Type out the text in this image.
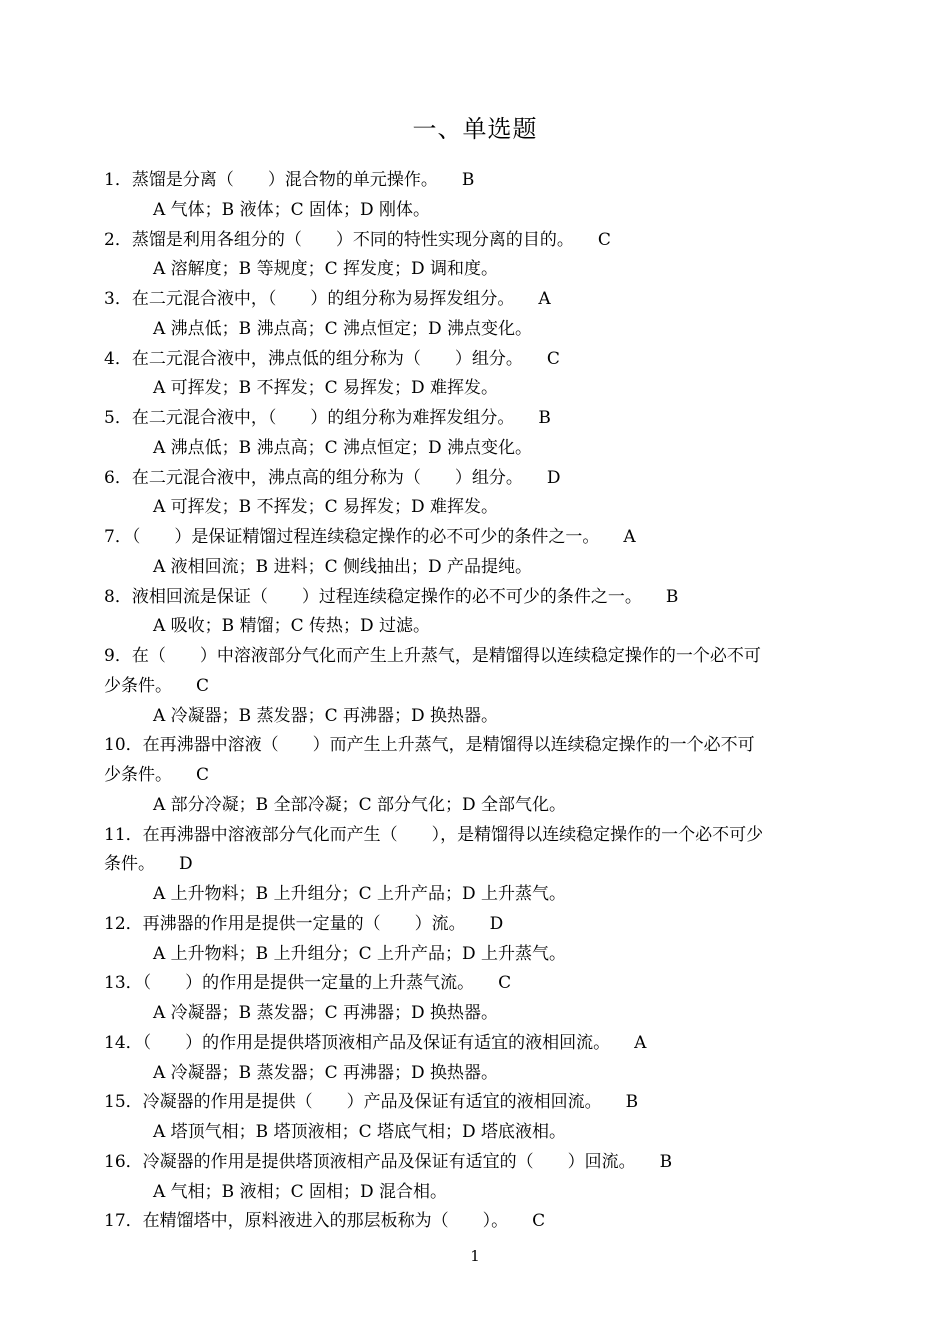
一、单选题
1．蒸馏是分离（　　）混合物的单元操作。 B
A 气体；B 液体；C 固体；D 刚体。
2．蒸馏是利用各组分的（　　）不同的特性实现分离的目的。 C
A 溶解度；B 等规度；C 挥发度；D 调和度。
3．在二元混合液中，（　　）的组分称为易挥发组分。 A
A 沸点低；B 沸点高；C 沸点恒定；D 沸点变化。
4．在二元混合液中，沸点低的组分称为（　　）组分。 C
A 可挥发；B 不挥发；C 易挥发；D 难挥发。
5．在二元混合液中，（　　）的组分称为难挥发组分。 B
A 沸点低；B 沸点高；C 沸点恒定；D 沸点变化。
6．在二元混合液中，沸点高的组分称为（　　）组分。 D
A 可挥发；B 不挥发；C 易挥发；D 难挥发。
7．（　　）是保证精馏过程连续稳定操作的必不可少的条件之一。 A
A 液相回流；B 进料；C 侧线抽出；D 产品提纯。
8．液相回流是保证（　　）过程连续稳定操作的必不可少的条件之一。 B
A 吸收；B 精馏；C 传热；D 过滤。
9．在（　　）中溶液部分气化而产生上升蒸气，是精馏得以连续稳定操作的一个必不可
少条件。 C
A 冷凝器；B 蒸发器；C 再沸器；D 换热器。
10．在再沸器中溶液（　　）而产生上升蒸气，是精馏得以连续稳定操作的一个必不可
少条件。 C
A 部分冷凝；B 全部冷凝；C 部分气化；D 全部气化。
11．在再沸器中溶液部分气化而产生（　　），是精馏得以连续稳定操作的一个必不可少
条件。 D
A 上升物料；B 上升组分；C 上升产品；D 上升蒸气。
12．再沸器的作用是提供一定量的（　　）流。 D
A 上升物料；B 上升组分；C 上升产品；D 上升蒸气。
13．（　　）的作用是提供一定量的上升蒸气流。 C
A 冷凝器；B 蒸发器；C 再沸器；D 换热器。
14．（　　）的作用是提供塔顶液相产品及保证有适宜的液相回流。 A
A 冷凝器；B 蒸发器；C 再沸器；D 换热器。
15．冷凝器的作用是提供（　　）产品及保证有适宜的液相回流。 B
A 塔顶气相；B 塔顶液相；C 塔底气相；D 塔底液相。
16．冷凝器的作用是提供塔顶液相产品及保证有适宜的（　　）回流。 B
A 气相；B 液相；C 固相；D 混合相。
17．在精馏塔中，原料液进入的那层板称为（　　）。 C
1
